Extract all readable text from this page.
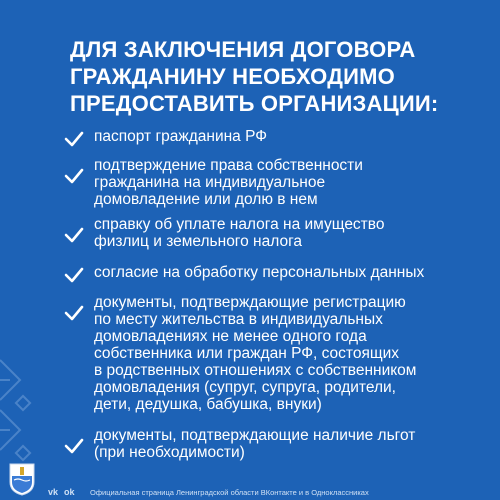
ДЛЯ ЗАКЛЮЧЕНИЯ ДОГОВОРА
ГРАЖДАНИНУ НЕОБХОДИМО
ПРЕДОСТАВИТЬ ОРГАНИЗАЦИИ:
паспорт гражданина РФ
подтверждение права собственности
гражданина на индивидуальное
домовладение или долю в нем
справку об уплате налога на имущество
физлиц и земельного налога
согласие на обработку персональных данных
документы, подтверждающие регистрацию
по месту жительства в индивидуальных
домовладениях не менее одного года
собственника или граждан РФ, состоящих
в родственных отношениях с собственником
домовладения (супруг, супруга, родители,
дети, дедушка, бабушка, внуки)
документы, подтверждающие наличие льгот
(при необходимости)
vk ok Официальная страница Ленинградской области ВКонтакте и в Одноклассниках
